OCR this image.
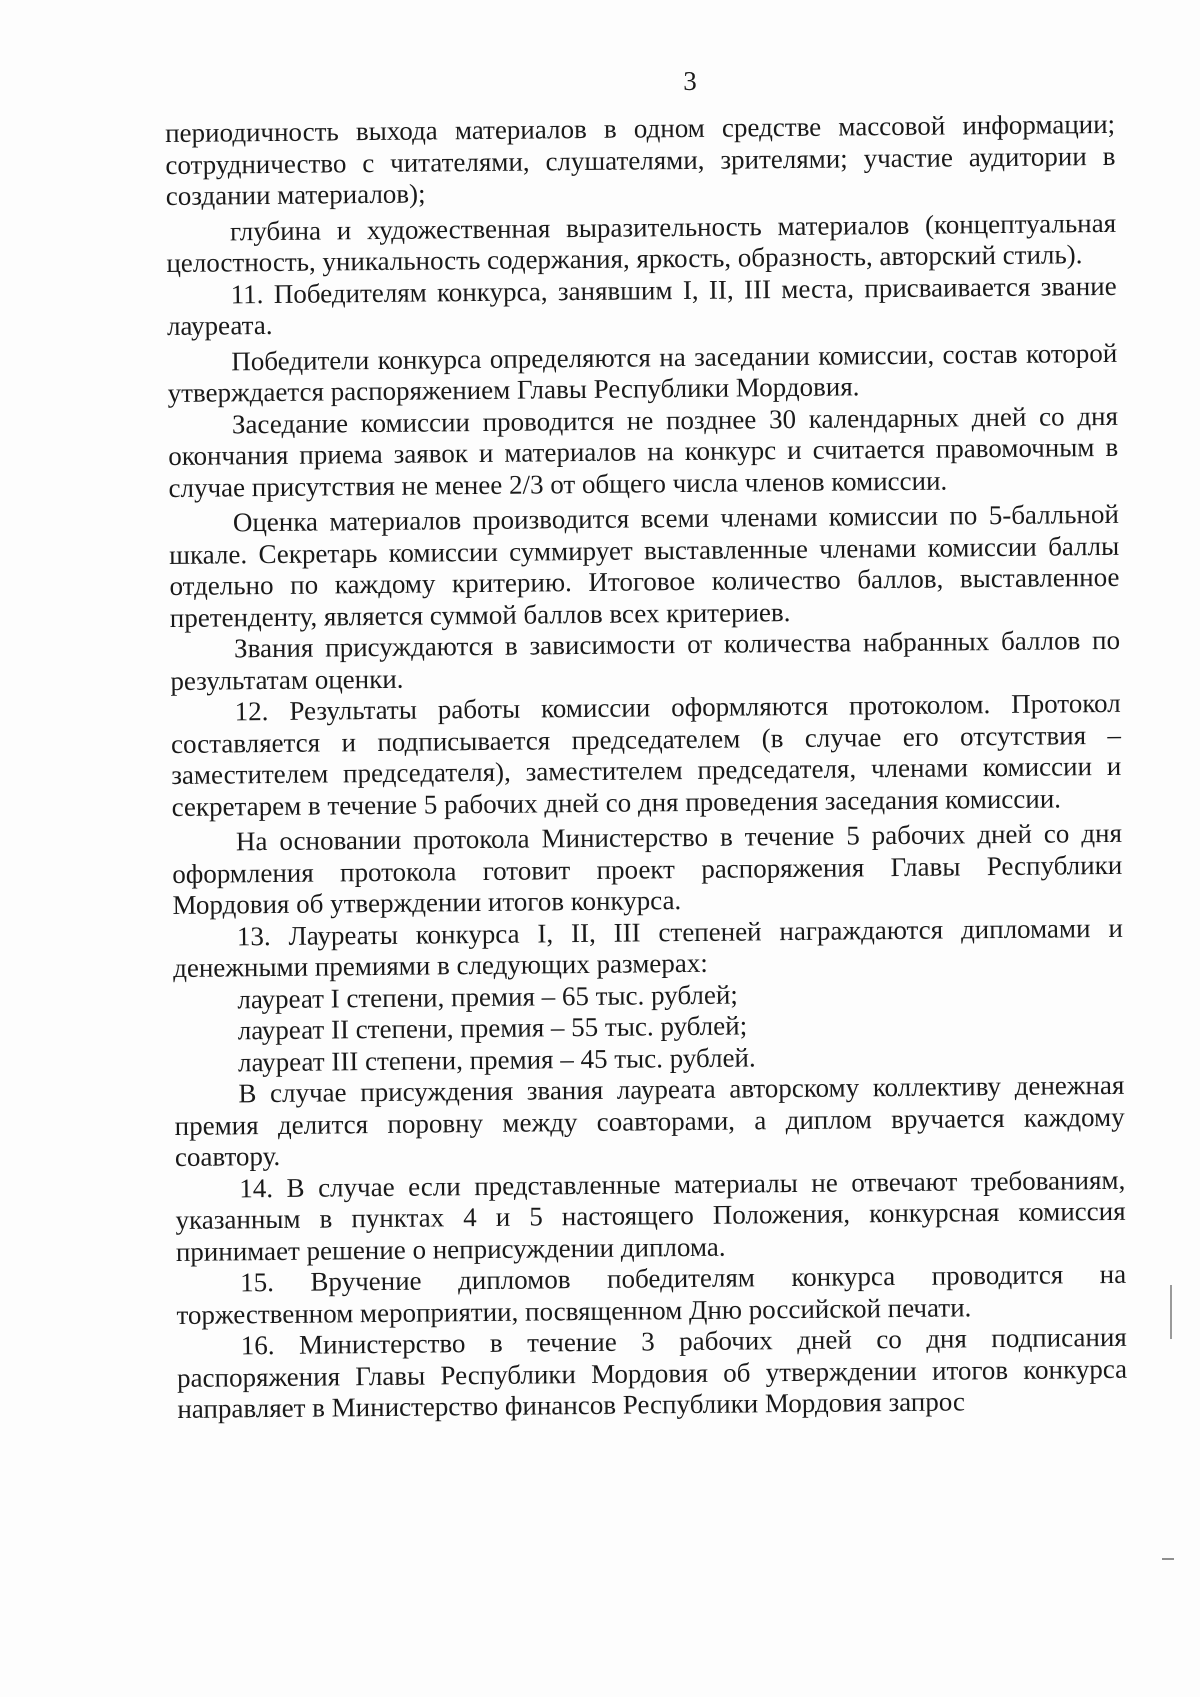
3

периодичность выхода материалов в одном средстве массовой информации; сотрудничество с читателями, слушателями, зрителями; участие аудитории в создании материалов);

глубина и художественная выразительность материалов (концептуальная целостность, уникальность содержания, яркость, образность, авторский стиль).

11. Победителям конкурса, занявшим I, II, III места, присваивается звание лауреата.

Победители конкурса определяются на заседании комиссии, состав которой утверждается распоряжением Главы Республики Мордовия.

Заседание комиссии проводится не позднее 30 календарных дней со дня окончания приема заявок и материалов на конкурс и считается правомочным в случае присутствия не менее 2/3 от общего числа членов комиссии.

Оценка материалов производится всеми членами комиссии по 5-балльной шкале. Секретарь комиссии суммирует выставленные членами комиссии баллы отдельно по каждому критерию. Итоговое количество баллов, выставленное претенденту, является суммой баллов всех критериев.

Звания присуждаются в зависимости от количества набранных баллов по результатам оценки.

12. Результаты работы комиссии оформляются протоколом. Протокол составляется и подписывается председателем (в случае его отсутствия – заместителем председателя), заместителем председателя, членами комиссии и секретарем в течение 5 рабочих дней со дня проведения заседания комиссии.

На основании протокола Министерство в течение 5 рабочих дней со дня оформления протокола готовит проект распоряжения Главы Республики Мордовия об утверждении итогов конкурса.

13. Лауреаты конкурса I, II, III степеней награждаются дипломами и денежными премиями в следующих размерах:

лауреат I степени, премия – 65 тыс. рублей;

лауреат II степени, премия – 55 тыс. рублей;

лауреат III степени, премия – 45 тыс. рублей.

В случае присуждения звания лауреата авторскому коллективу денежная премия делится поровну между соавторами, а диплом вручается каждому соавтору.

14. В случае если представленные материалы не отвечают требованиям, указанным в пунктах 4 и 5 настоящего Положения, конкурсная комиссия принимает решение о неприсуждении диплома.

15. Вручение дипломов победителям конкурса проводится на торжественном мероприятии, посвященном Дню российской печати.

16. Министерство в течение 3 рабочих дней со дня подписания распоряжения Главы Республики Мордовия об утверждении итогов конкурса направляет в Министерство финансов Республики Мордовия запрос
